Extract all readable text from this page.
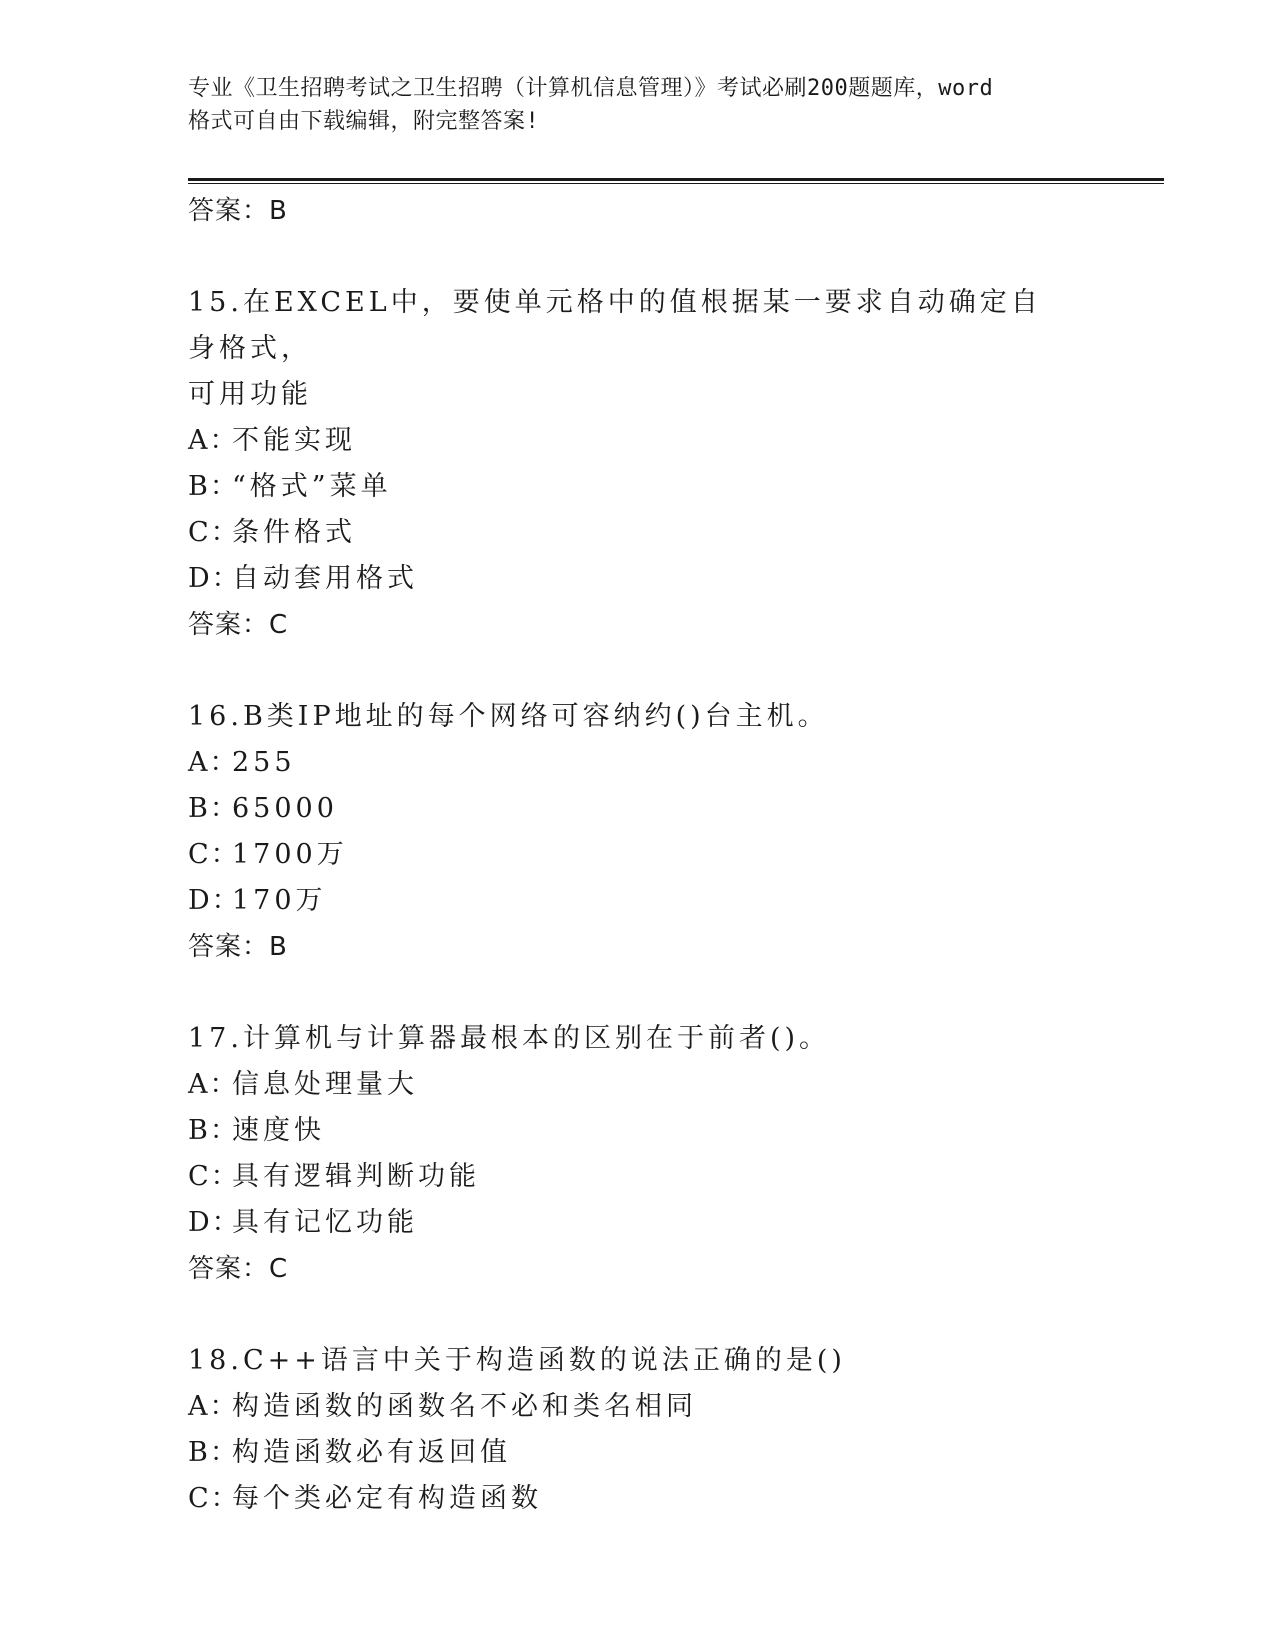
专业《卫生招聘考试之卫生招聘（计算机信息管理）》考试必刷200题题库，word
格式可自由下载编辑，附完整答案!
答案：B
15.在EXCEL中，要使单元格中的值根据某一要求自动确定自身格式，
可用功能
A：不能实现
B：“格式”菜单
C：条件格式
D：自动套用格式
答案：C
16.B类IP地址的每个网络可容纳约()台主机。
A：255
B：65000
C：1700万
D：170万
答案：B
17.计算机与计算器最根本的区别在于前者()。
A：信息处理量大
B：速度快
C：具有逻辑判断功能
D：具有记忆功能
答案：C
18.C++语言中关于构造函数的说法正确的是()
A：构造函数的函数名不必和类名相同
B：构造函数必有返回值
C：每个类必定有构造函数
